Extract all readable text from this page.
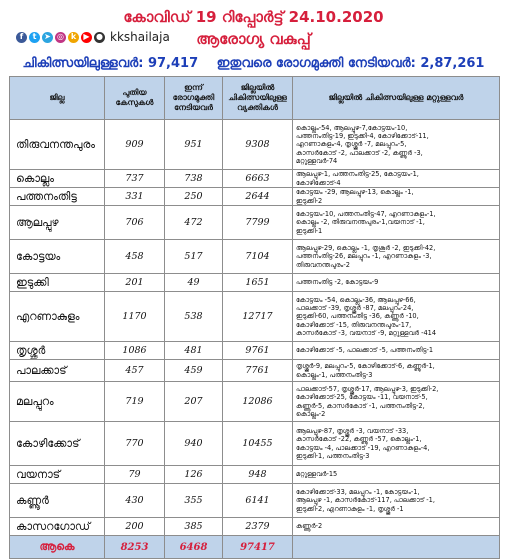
കോവിഡ് 19 റിപ്പോർട്ട് 24.10.2020
f	t ➤ ◎ k ▶ ● kkshailaja	ആരോഗ്യ വകുപ്പ്
ചികിത്സയിലുള്ളവർ: 97,417 ഇതുവരെ രോഗമുക്തി നേടിയവർ: 2,87,261
ജില്ല	പുതിയ കേസുകൾ	ഇന്ന് രോഗമുക്തി നേടിയവർ	ജില്ലയിൽ ചികിത്സയിലുള്ള വ്യക്തികൾ	ജില്ലയിൽ ചികിത്സയിലുള്ള മറ്റുള്ളവർ
തിരുവനന്തപുരം	909	951	9308	കൊല്ലം-54, ആലപ്പുഴ-7,കോട്ടയം-10,
പത്തനംതിട്ട-19, ഇടുക്കി-4, കോഴിക്കോട്-11,
എറണാകുളം-4, തൃശ്ശൂർ -7, മലപ്പുറം-5,
കാസർകോട് -2, പാലക്കാട് -2, കണ്ണൂർ -3,
മറ്റുള്ളവർ-74
കൊല്ലം	737	738	6663	ആലപ്പുഴ-1, പത്തനംതിട്ട-25, കോട്ടയം-1,
കോഴിക്കോട്-4
പത്തനംതിട്ട	331	250	2644	കോട്ടയം -29, ആലപ്പുഴ-13, കൊല്ലം -1,
ഇടുക്കി-2
ആലപ്പുഴ	706	472	7799	കോട്ടയം-10, പത്തനംതിട്ട-47, എറണാകുളം-1,
കൊല്ലം -2, തിരുവനന്തപുരം-1,വയനാട് -1,
ഇടുക്കി-1
കോട്ടയം	458	517	7104	ആലപ്പുഴ-29, കൊല്ലം -1, തൃശൂർ -2, ഇടുക്കി-42,
പത്തനംതിട്ട-26, മലപ്പുറം -1, എറണാകുളം -3,
തിരുവനന്തപുരം-2
ഇടുക്കി	201	49	1651	പത്തനംതിട്ട -2, കോട്ടയം-9
എറണാകുളം	1170	538	12717	കോട്ടയം -54, കൊല്ലം-36, ആലപ്പുഴ-66,
പാലക്കാട് -39, തൃശ്ശൂർ -87, മലപ്പുറം-24,
ഇടുക്കി-60, പത്തനംതിട്ട -36, കണ്ണൂർ -10,
കോഴിക്കോട് -15, തിരുവനന്തപുരം-17,
കാസർകോട് -3, വയനാട് -9, മറ്റുള്ളവർ -414
തൃശ്ശൂർ	1086	481	9761	കോഴിക്കോട് -5, പാലക്കാട് -5, പത്തനംതിട്ട-1
പാലക്കാട്	457	459	7761	തൃശ്ശൂർ-9, മലപ്പുറം-5, കോഴിക്കോട്-6, കണ്ണൂർ-1,
കൊല്ലം-1, പത്തനംതിട്ട-3
മലപ്പുറം	719	207	12086	പാലക്കാട്-57, തൃശ്ശൂർ-17, ആലപ്പുഴ-3, ഇടുക്കി-2,
കോഴിക്കോട്-25, കോട്ടയം -11, വയനാട്-5,
കണ്ണൂർ-5, കാസർകോട് -1, പത്തനംതിട്ട-2,
കൊല്ലം-2
കോഴിക്കോട്	770	940	10455	ആലപ്പുഴ-87, തൃശ്ശൂർ -3, വയനാട് -33,
കാസർകോട് -22, കണ്ണൂർ -57, കൊല്ലം-1,
കോട്ടയം -4, പാലക്കാട് -19, എറണാകുളം-4,
ഇടുക്കി-1, പത്തനംതിട്ട-3
വയനാട്	79	126	948	മറ്റുള്ളവർ-15
കണ്ണൂർ	430	355	6141	കോഴിക്കോട്-33, മലപ്പുറം -1, കോട്ടയം-1,
ആലപ്പുഴ -1, കാസർകോട്-117, പാലക്കാട് -1,
ഇടുക്കി-2, എറണാകുളം -1, തൃശ്ശൂർ -1
കാസറഗോഡ്	200	385	2379	കണ്ണൂർ-2
ആകെ	8253	6468	97417	
